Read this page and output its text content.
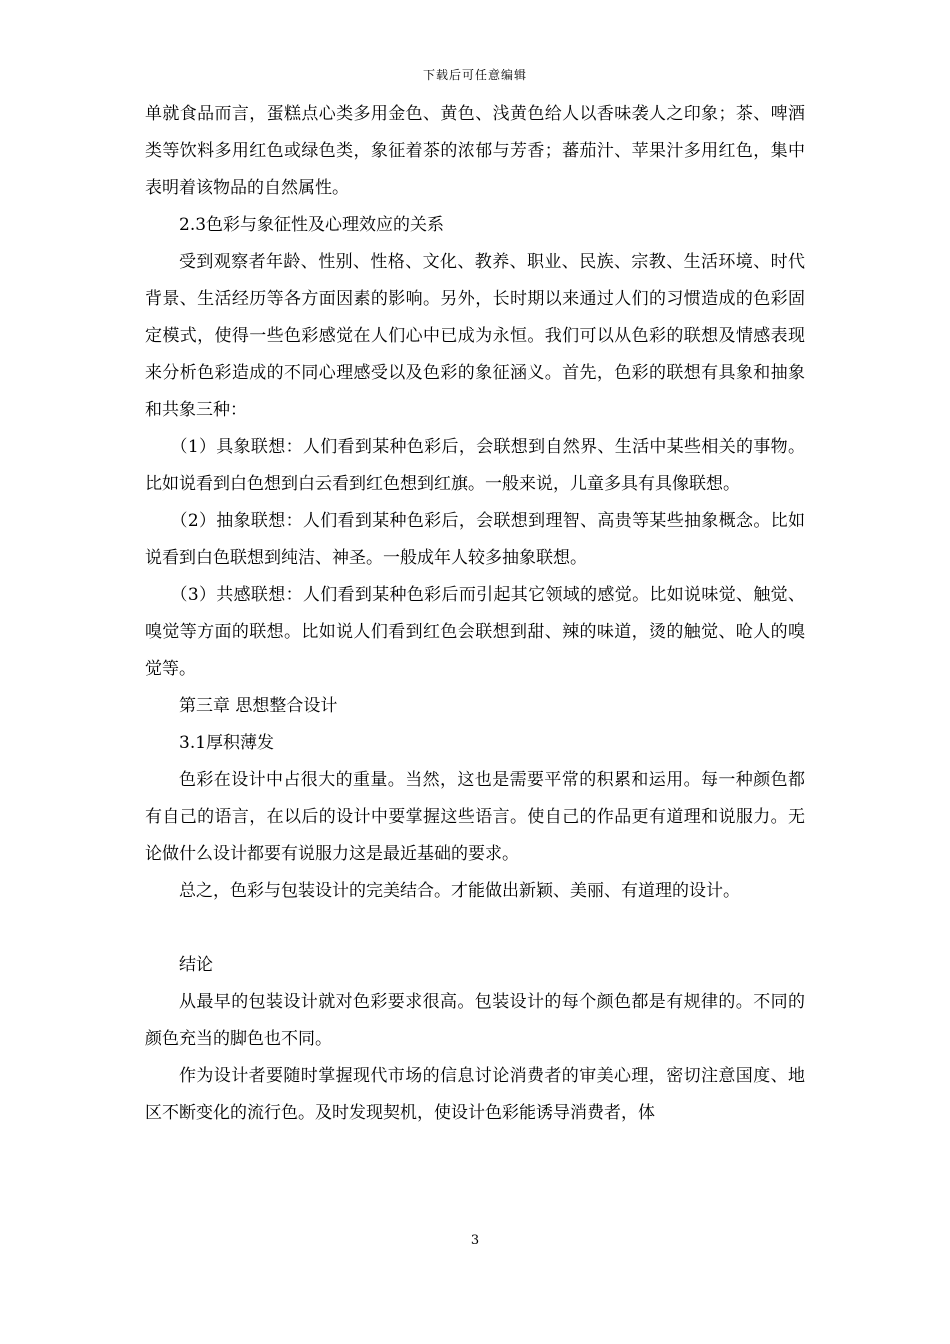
下载后可任意编辑

单就食品而言，蛋糕点心类多用金色、黄色、浅黄色给人以香味袭人之印象；茶、啤酒类等饮料多用红色或绿色类，象征着茶的浓郁与芳香；蕃茄汁、苹果汁多用红色，集中表明着该物品的自然属性。

2.3色彩与象征性及心理效应的关系

受到观察者年龄、性别、性格、文化、教养、职业、民族、宗教、生活环境、时代背景、生活经历等各方面因素的影响。另外，长时期以来通过人们的习惯造成的色彩固定模式，使得一些色彩感觉在人们心中已成为永恒。我们可以从色彩的联想及情感表现来分析色彩造成的不同心理感受以及色彩的象征涵义。首先，色彩的联想有具象和抽象和共象三种：

（1）具象联想：人们看到某种色彩后，会联想到自然界、生活中某些相关的事物。比如说看到白色想到白云看到红色想到红旗。一般来说，儿童多具有具像联想。

（2）抽象联想：人们看到某种色彩后，会联想到理智、高贵等某些抽象概念。比如说看到白色联想到纯洁、神圣。一般成年人较多抽象联想。

（3）共感联想：人们看到某种色彩后而引起其它领域的感觉。比如说味觉、触觉、嗅觉等方面的联想。比如说人们看到红色会联想到甜、辣的味道，烫的触觉、呛人的嗅觉等。

第三章 思想整合设计

3.1厚积薄发

色彩在设计中占很大的重量。当然，这也是需要平常的积累和运用。每一种颜色都有自己的语言，在以后的设计中要掌握这些语言。使自己的作品更有道理和说服力。无论做什么设计都要有说服力这是最近基础的要求。

总之，色彩与包装设计的完美结合。才能做出新颖、美丽、有道理的设计。

结论

从最早的包装设计就对色彩要求很高。包装设计的每个颜色都是有规律的。不同的颜色充当的脚色也不同。

作为设计者要随时掌握现代市场的信息讨论消费者的审美心理，密切注意国度、地区不断变化的流行色。及时发现契机，使设计色彩能诱导消费者，体

3
